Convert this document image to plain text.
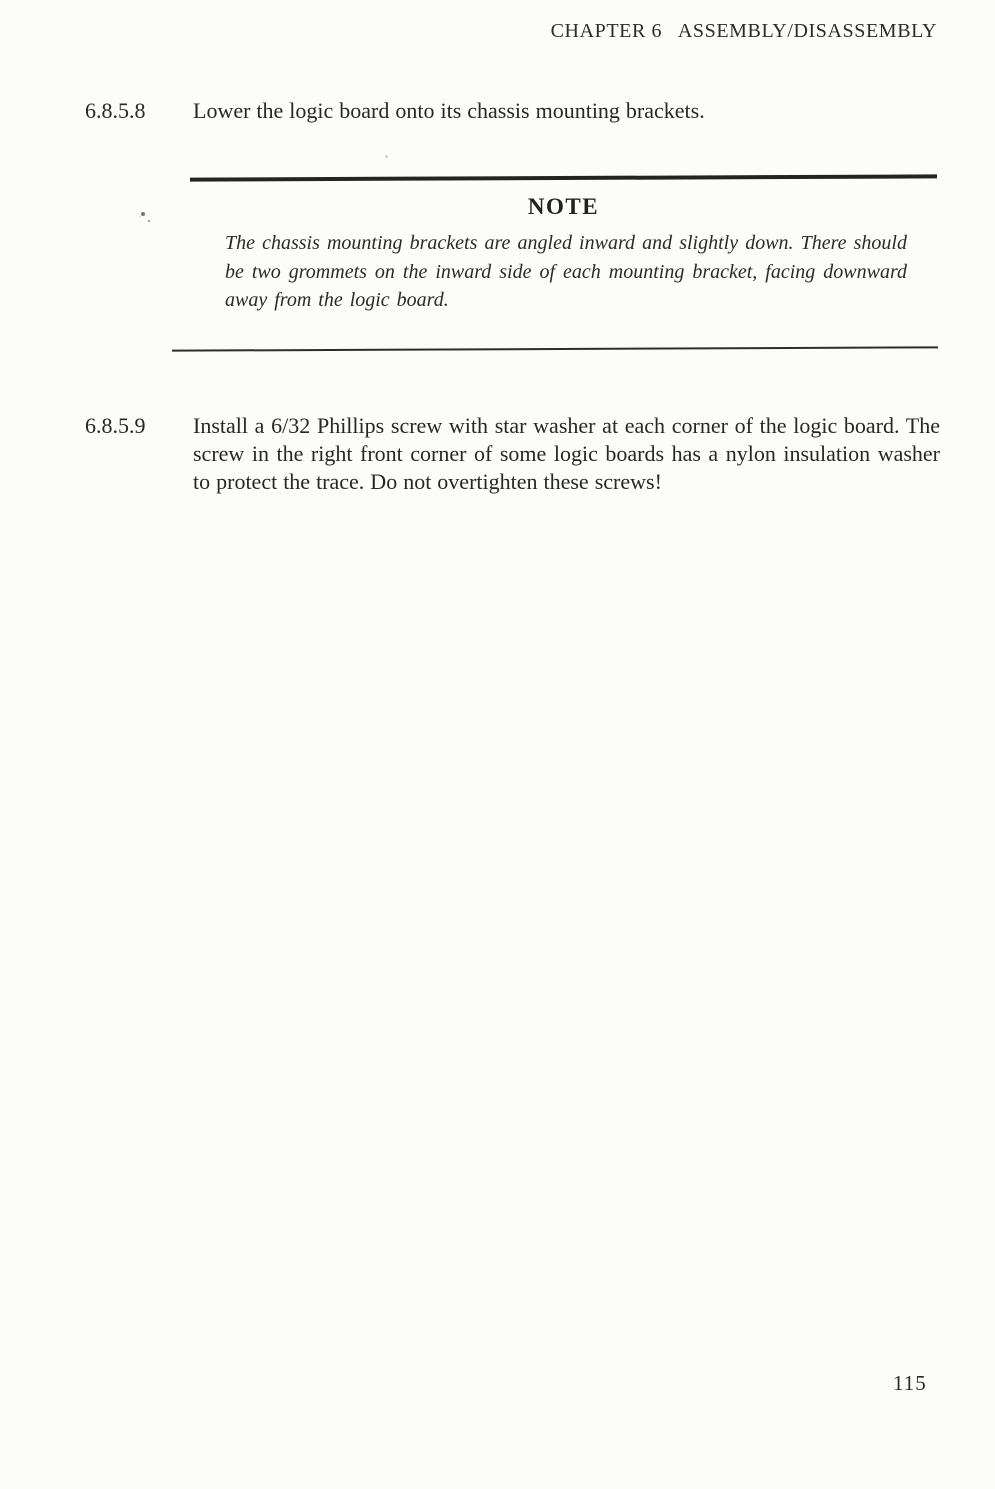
CHAPTER 6   ASSEMBLY/DISASSEMBLY
6.8.5.8 Lower the logic board onto its chassis mounting brackets.

NOTE

The chassis mounting brackets are angled inward and slightly down. There should be two grommets on the inward side of each mounting bracket, facing downward away from the logic board.

6.8.5.9 Install a 6/32 Phillips screw with star washer at each corner of the logic board. The screw in the right front corner of some logic boards has a nylon insulation washer to protect the trace. Do not overtighten these screws!

115
